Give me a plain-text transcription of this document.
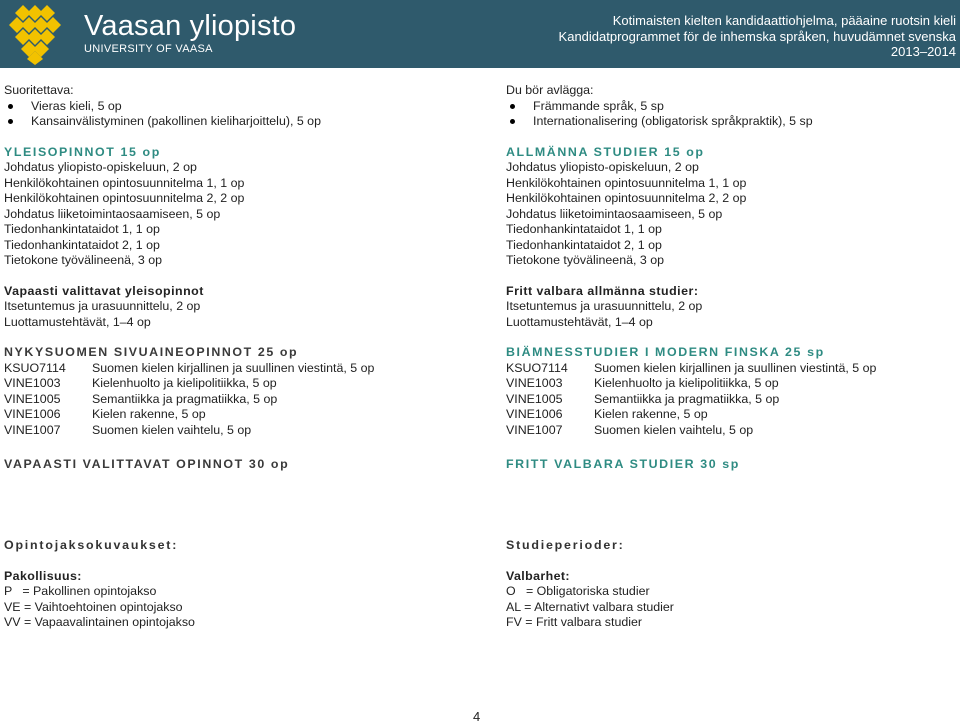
Vaasan yliopisto
UNIVERSITY OF VAASA
Kotimaisten kielten kandidaattiohjelma, pääaine ruotsin kieli
Kandidatprogrammet för de inhemska språken, huvudämnet svenska
2013–2014

Suoritettava:

Vieras kieli, 5 op
Kansainvälistyminen (pakollinen kieliharjoittelu), 5 op
YLEISOPINNOT 15 op
Johdatus yliopisto-opiskeluun, 2 op
Henkilökohtainen opintosuunnitelma 1, 1 op
Henkilökohtainen opintosuunnitelma 2, 2 op
Johdatus liiketoimintaosaamiseen, 5 op
Tiedonhankintataidot 1, 1 op
Tiedonhankintataidot 2, 1 op
Tietokone työvälineenä, 3 op
Vapaasti valittavat yleisopinnot
Itsetuntemus ja urasuunnittelu, 2 op
Luottamustehtävät, 1–4 op
NYKYSUOMEN SIVUAINEOPINNOT 25 op
KSUO7114	Suomen kielen kirjallinen ja suullinen viestintä, 5 op
VINE1003	Kielenhuolto ja kielipolitiikka, 5 op
VINE1005	Semantiikka ja pragmatiikka, 5 op
VINE1006	Kielen rakenne, 5 op
VINE1007	Suomen kielen vaihtelu, 5 op
VAPAASTI VALITTAVAT OPINNOT 30 op

Du bör avlägga:

Främmande språk, 5 sp
Internationalisering (obligatorisk språkpraktik), 5 sp
ALLMÄNNA STUDIER 15 op
Johdatus yliopisto-opiskeluun, 2 op
Henkilökohtainen opintosuunnitelma 1, 1 op
Henkilökohtainen opintosuunnitelma 2, 2 op
Johdatus liiketoimintaosaamiseen, 5 op
Tiedonhankintataidot 1, 1 op
Tiedonhankintataidot 2, 1 op
Tietokone työvälineenä, 3 op
Fritt valbara allmänna studier:
Itsetuntemus ja urasuunnittelu, 2 op
Luottamustehtävät, 1–4 op
BIÄMNESSTUDIER I MODERN FINSKA 25 sp
KSUO7114	Suomen kielen kirjallinen ja suullinen viestintä, 5 op
VINE1003	Kielenhuolto ja kielipolitiikka, 5 op
VINE1005	Semantiikka ja pragmatiikka, 5 op
VINE1006	Kielen rakenne, 5 op
VINE1007	Suomen kielen vaihtelu, 5 op
FRITT VALBARA STUDIER 30 sp
Opintojaksokuvaukset:
Pakollisuus:
P   = Pakollinen opintojakso
VE = Vaihtoehtoinen opintojakso
VV = Vapaavalintainen opintojakso
Studieperioder:
Valbarhet:
O   = Obligatoriska studier
AL = Alternativt valbara studier
FV = Fritt valbara studier
4
